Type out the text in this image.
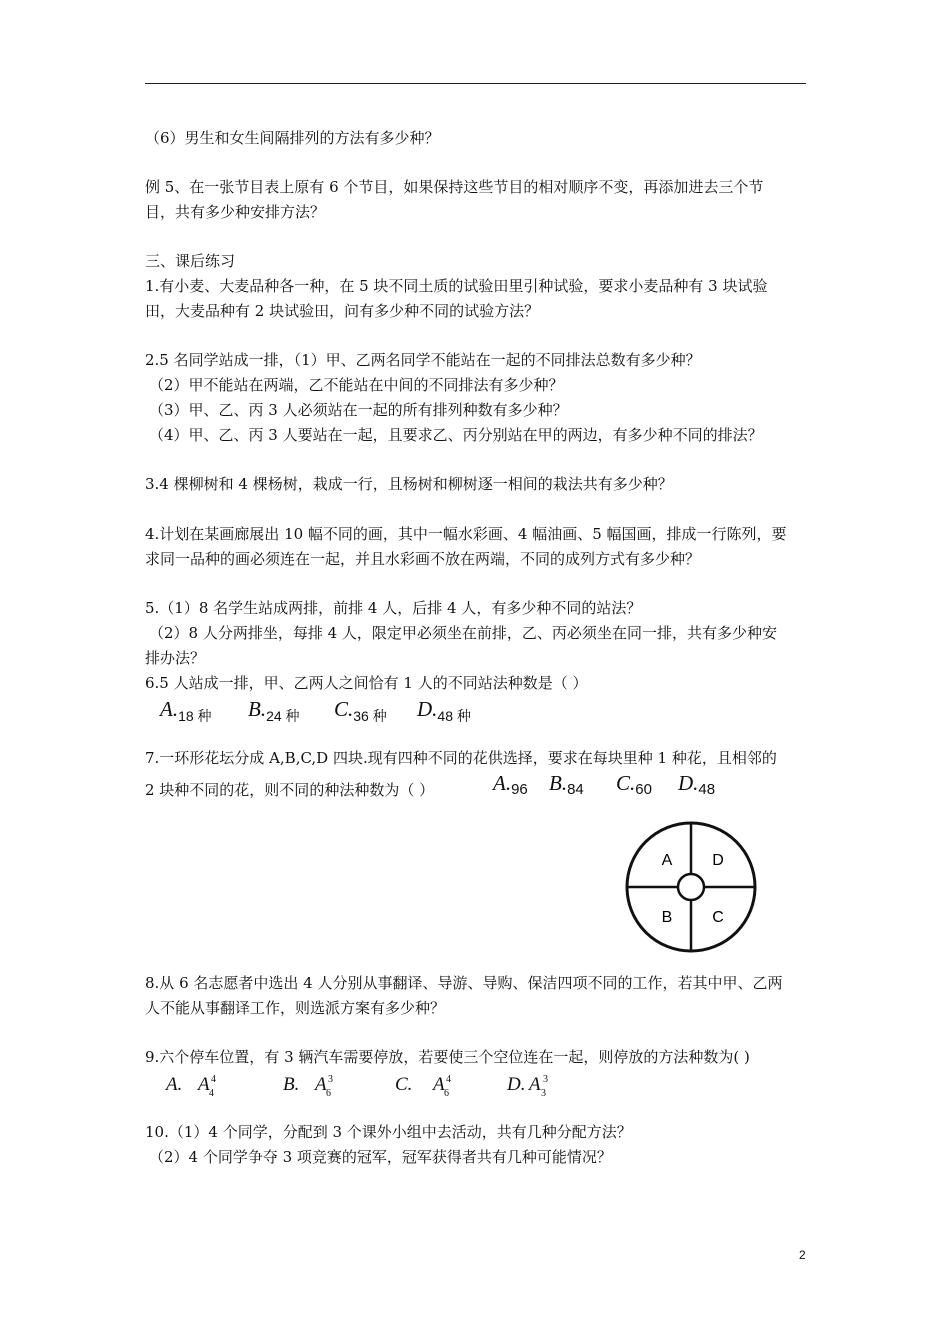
（6）男生和女生间隔排列的方法有多少种？
例 5、在一张节目表上原有 6 个节目，如果保持这些节目的相对顺序不变，再添加进去三个节
目，共有多少种安排方法？
三、课后练习
1.有小麦、大麦品种各一种，在 5 块不同土质的试验田里引种试验，要求小麦品种有 3 块试验
田，大麦品种有 2 块试验田，问有多少种不同的试验方法？
2.5 名同学站成一排，（1）甲、乙两名同学不能站在一起的不同排法总数有多少种？
（2）甲不能站在两端，乙不能站在中间的不同排法有多少种？
（3）甲、乙、丙 3 人必须站在一起的所有排列种数有多少种？
（4）甲、乙、丙 3 人要站在一起，且要求乙、丙分别站在甲的两边，有多少种不同的排法？
3.4 棵柳树和 4 棵杨树，栽成一行，且杨树和柳树逐一相间的栽法共有多少种？
4.计划在某画廊展出 10 幅不同的画，其中一幅水彩画、4 幅油画、5 幅国画，排成一行陈列，要
求同一品种的画必须连在一起，并且水彩画不放在两端，不同的成列方式有多少种？
5.（1）8 名学生站成两排，前排 4 人，后排 4 人，有多少种不同的站法？
（2）8 人分两排坐，每排 4 人，限定甲必须坐在前排，乙、丙必须坐在同一排，共有多少种安
排办法？
6.5 人站成一排，甲、乙两人之间恰有 1 人的不同站法种数是（ ）
A.18 种 B.24 种 C.36 种 D.48 种
7.一环形花坛分成 A,B,C,D 四块.现有四种不同的花供选择，要求在每块里种 1 种花，且相邻的
2 块种不同的花，则不同的种法种数为（ ）	A.96 B.84 C.60 D.48
A D
B C
8.从 6 名志愿者中选出 4 人分别从事翻译、导游、导购、保洁四项不同的工作，若其中甲、乙两
人不能从事翻译工作，则选派方案有多少种？
9.六个停车位置，有 3 辆汽车需要停放，若要使三个空位连在一起，则停放的方法种数为( )
A. A 4
4	B. A 3
6	C. A 4
6	D. A 3
3
10.（1）4 个同学，分配到 3 个课外小组中去活动，共有几种分配方法？
（2）4 个同学争夺 3 项竞赛的冠军，冠军获得者共有几种可能情况？
2
